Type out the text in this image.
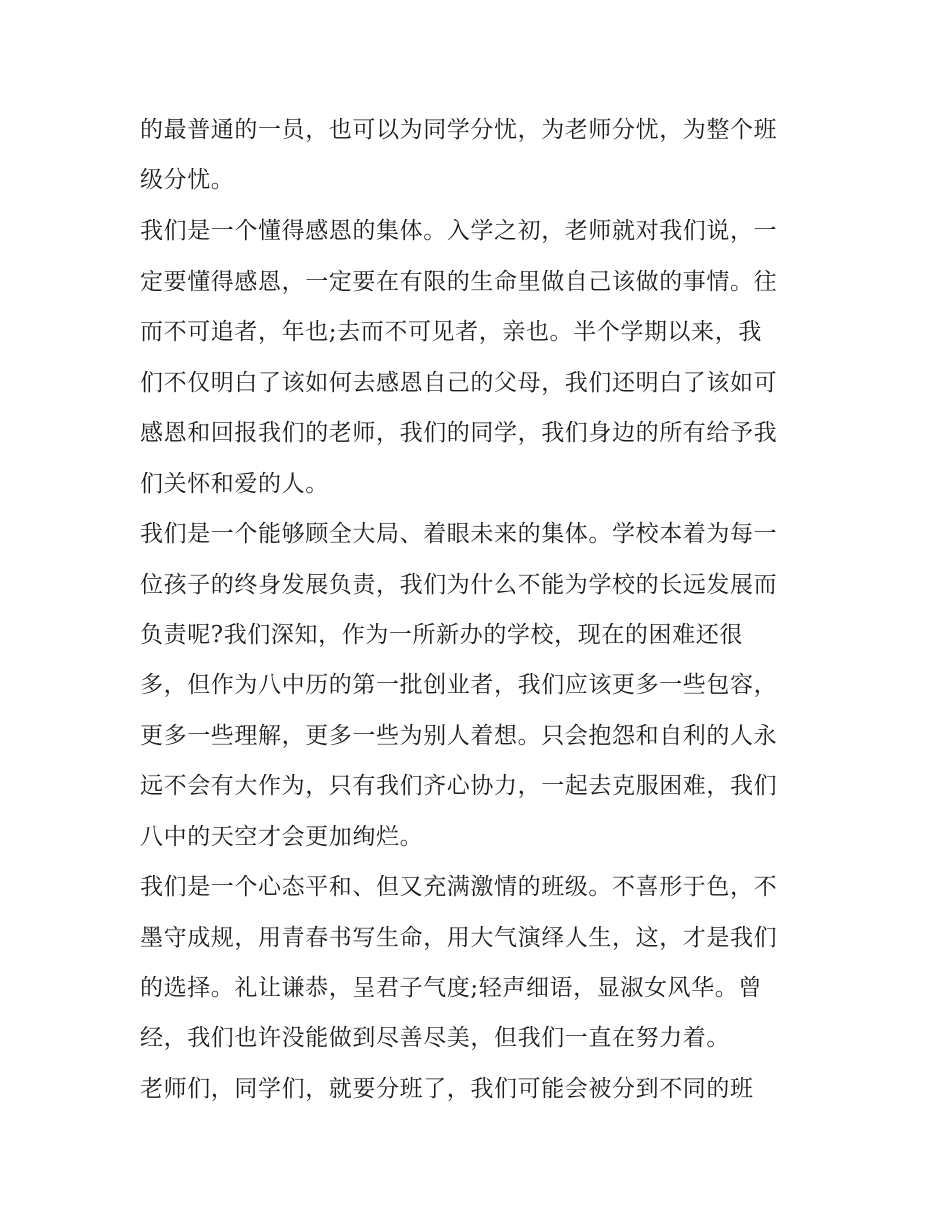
的最普通的一员，也可以为同学分忧，为老师分忧，为整个班
级分忧。
我们是一个懂得感恩的集体。入学之初，老师就对我们说，一
定要懂得感恩，一定要在有限的生命里做自己该做的事情。往
而不可追者，年也;去而不可见者，亲也。半个学期以来，我
们不仅明白了该如何去感恩自己的父母，我们还明白了该如可
感恩和回报我们的老师，我们的同学，我们身边的所有给予我
们关怀和爱的人。
我们是一个能够顾全大局、着眼未来的集体。学校本着为每一
位孩子的终身发展负责，我们为什么不能为学校的长远发展而
负责呢?我们深知，作为一所新办的学校，现在的困难还很
多，但作为八中历的第一批创业者，我们应该更多一些包容，
更多一些理解，更多一些为别人着想。只会抱怨和自利的人永
远不会有大作为，只有我们齐心协力，一起去克服困难，我们
八中的天空才会更加绚烂。
我们是一个心态平和、但又充满激情的班级。不喜形于色，不
墨守成规，用青春书写生命，用大气演绎人生，这，才是我们
的选择。礼让谦恭，呈君子气度;轻声细语，显淑女风华。曾
经，我们也许没能做到尽善尽美，但我们一直在努力着。
老师们，同学们，就要分班了，我们可能会被分到不同的班
